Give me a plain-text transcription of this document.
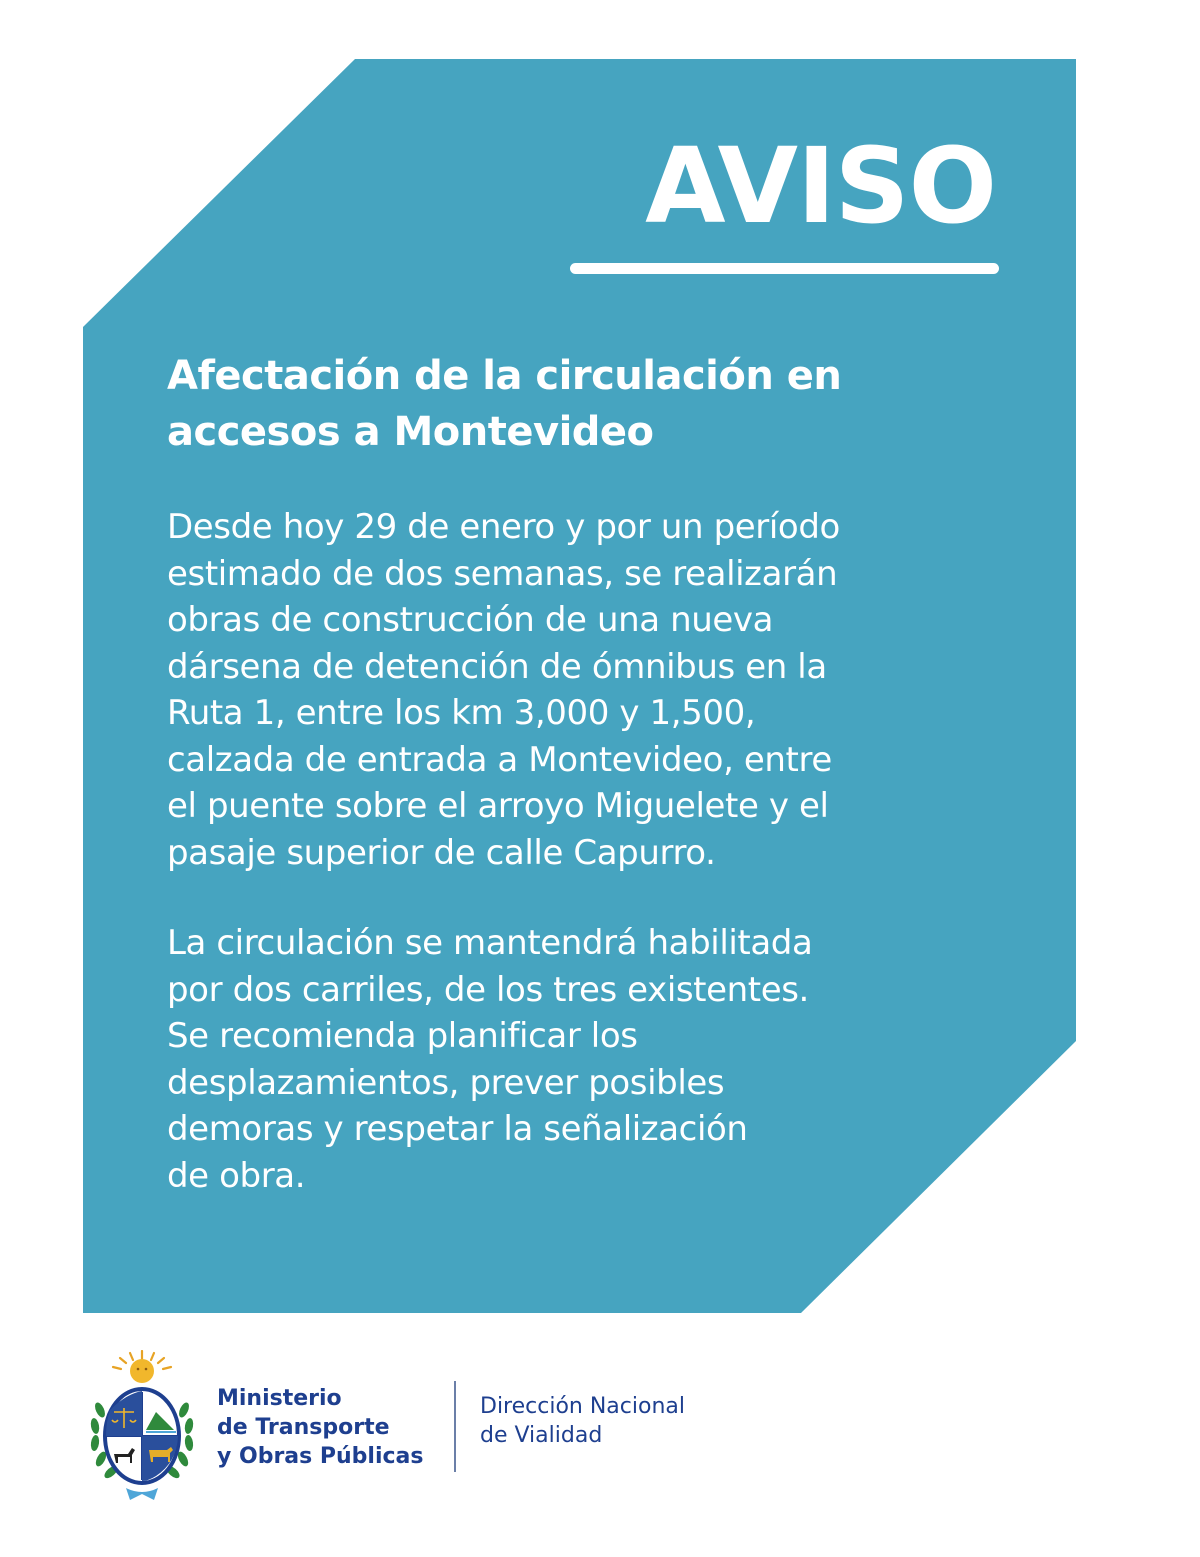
AVISO
Afectación de la circulación en
accesos a Montevideo

Desde hoy 29 de enero y por un período
estimado de dos semanas, se realizarán
obras de construcción de una nueva
dársena de detención de ómnibus en la
Ruta 1, entre los km 3,000 y 1,500,
calzada de entrada a Montevideo, entre
el puente sobre el arroyo Miguelete y el
pasaje superior de calle Capurro.

La circulación se mantendrá habilitada
por dos carriles, de los tres existentes.
Se recomienda planificar los
desplazamientos, prever posibles
demoras y respetar la señalización
de obra.

Ministerio
de Transporte
y Obras Públicas
Dirección Nacional
de Vialidad
